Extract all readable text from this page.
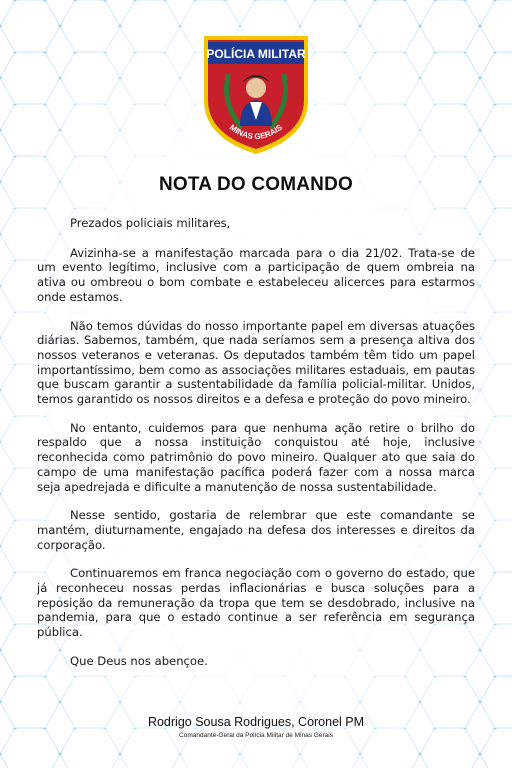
POLÍCIA MILITAR
MINAS GERAIS
NOTA DO COMANDO

Prezados policiais militares,

Avizinha-se a manifestação marcada para o dia 21/02. Trata-se de um evento legítimo, inclusive com a participação de quem ombreia na ativa ou ombreou o bom combate e estabeleceu alicerces para estarmos onde estamos.

Não temos dúvidas do nosso importante papel em diversas atuações diárias. Sabemos, também, que nada seríamos sem a presença altiva dos nossos veteranos e veteranas. Os deputados também têm tido um papel importantíssimo, bem como as associações militares estaduais, em pautas que buscam garantir a sustentabilidade da família policial-militar. Unidos, temos garantido os nossos direitos e a defesa e proteção do povo mineiro.

No entanto, cuidemos para que nenhuma ação retire o brilho do respaldo que a nossa instituição conquistou até hoje, inclusive reconhecida como patrimônio do povo mineiro. Qualquer ato que saia do campo de uma manifestação pacífica poderá fazer com a nossa marca seja apedrejada e dificulte a manutenção de nossa sustentabilidade.

Nesse sentido, gostaria de relembrar que este comandante se mantém, diuturnamente, engajado na defesa dos interesses e direitos da corporação.

Continuaremos em franca negociação com o governo do estado, que já reconheceu nossas perdas inflacionárias e busca soluções para a reposição da remuneração da tropa que tem se desdobrado, inclusive na pandemia, para que o estado continue a ser referência em segurança pública.

Que Deus nos abençoe.

Rodrigo Sousa Rodrigues, Coronel PM
Comandante-Geral da Polícia Militar de Minas Gerais
